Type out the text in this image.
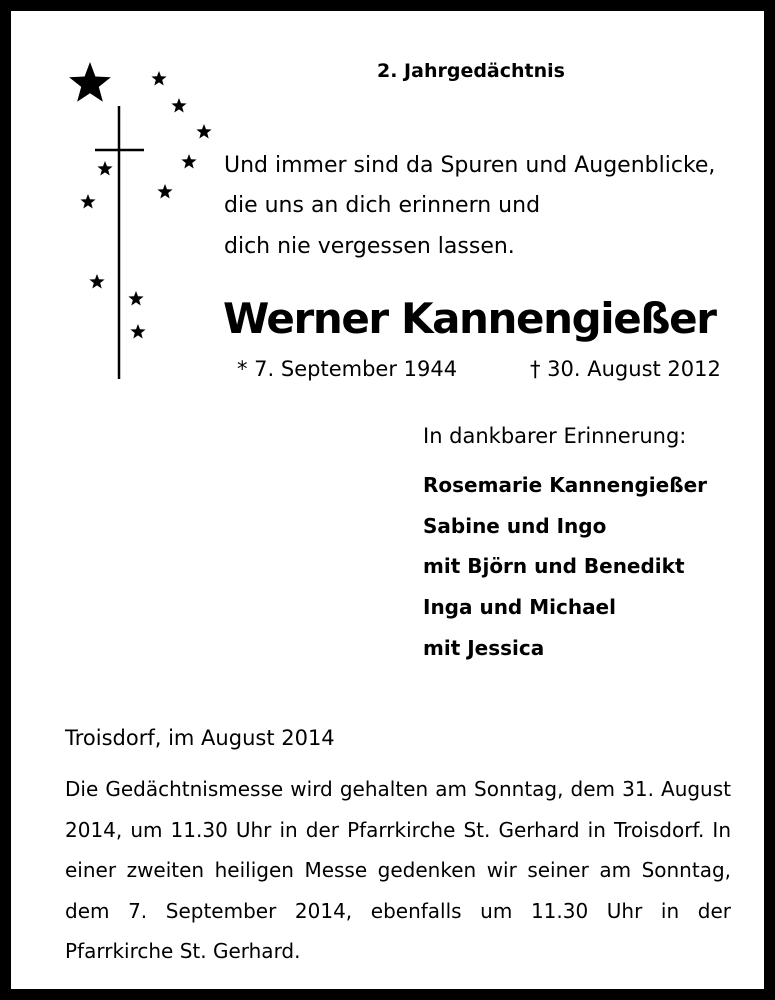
2. Jahrgedächtnis
Und immer sind da Spuren und Augenblicke,
die uns an dich erinnern und
dich nie vergessen lassen.
Werner Kannengießer
* 7. September 1944	† 30. August 2012
In dankbarer Erinnerung:
Rosemarie Kannengießer
Sabine und Ingo
mit Björn und Benedikt
Inga und Michael
mit Jessica
Troisdorf, im August 2014
Die Gedächtnismesse wird gehalten am Sonntag, dem 31. August 2014, um 11.30 Uhr in der Pfarrkirche St. Gerhard in Troisdorf. In einer zweiten heiligen Messe gedenken wir seiner am Sonntag, dem 7. September 2014, ebenfalls um 11.30 Uhr in der Pfarrkirche St. Gerhard.
